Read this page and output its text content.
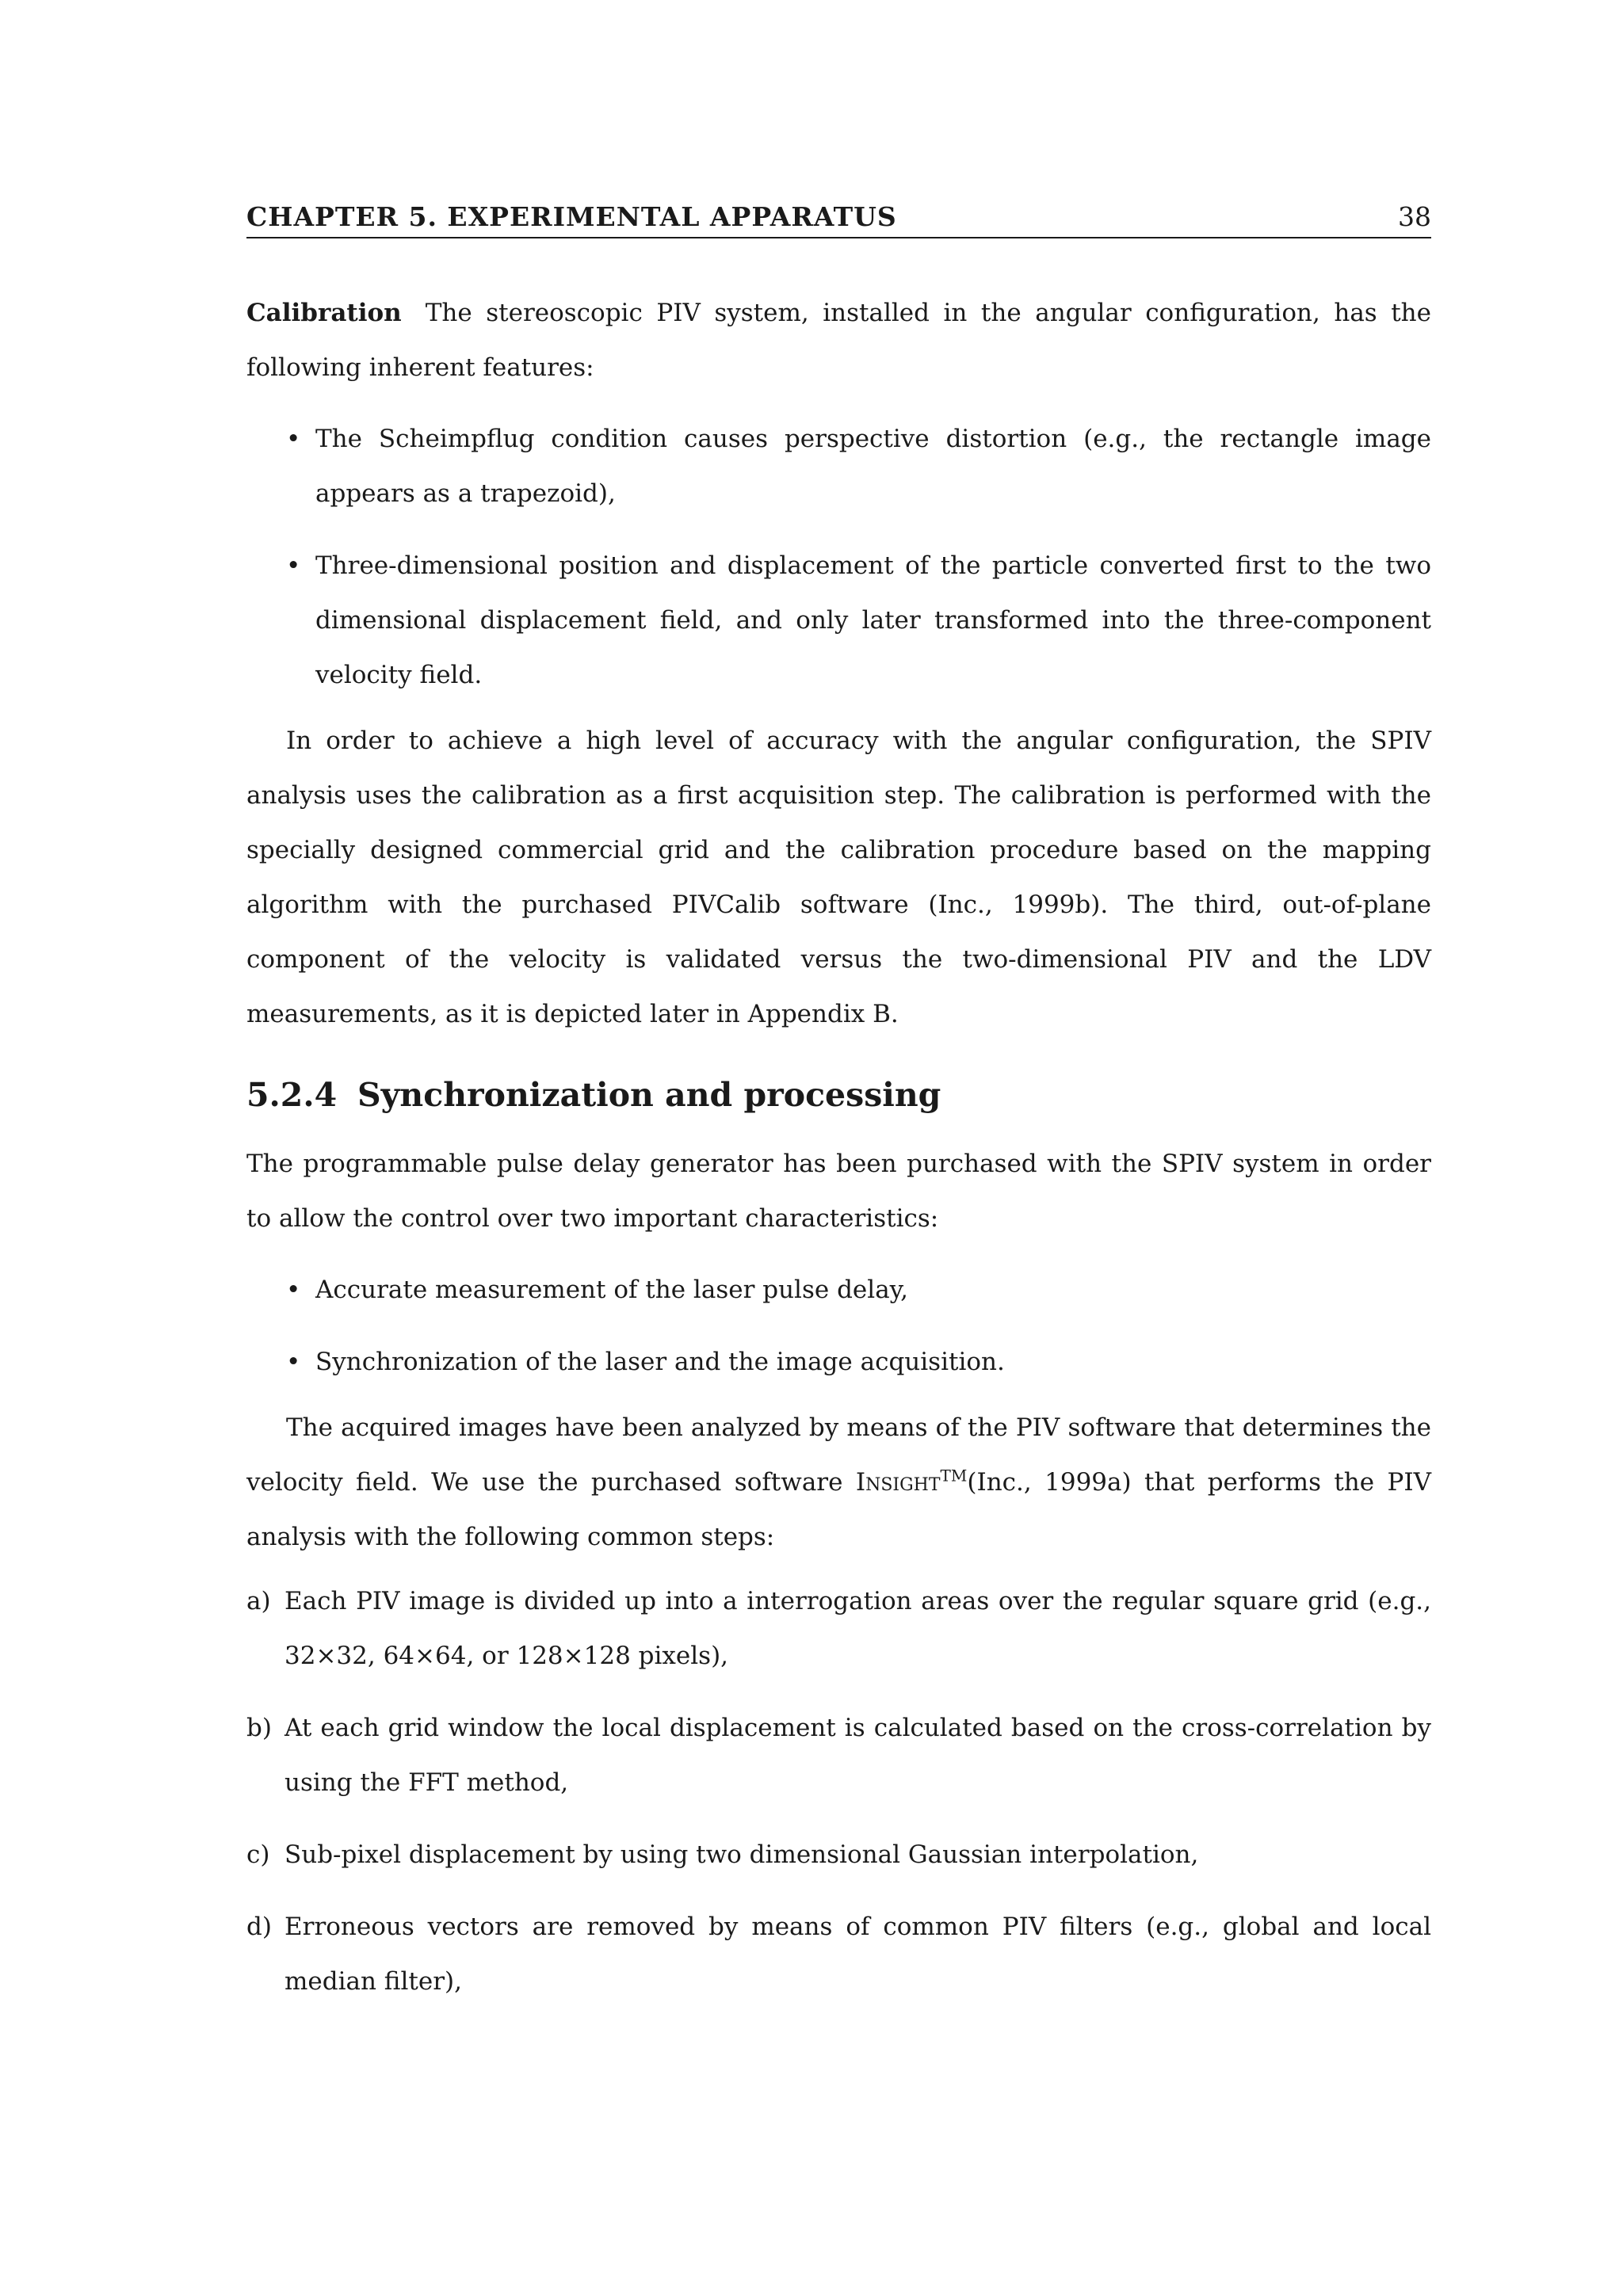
CHAPTER 5. EXPERIMENTAL APPARATUS	38

Calibration The stereoscopic PIV system, installed in the angular configuration, has the following inherent features:

• The Scheimpflug condition causes perspective distortion (e.g., the rectangle image appears as a trapezoid),
• Three-dimensional position and displacement of the particle converted first to the two dimensional displacement field, and only later transformed into the three-component velocity field.

In order to achieve a high level of accuracy with the angular configuration, the SPIV analysis uses the calibration as a first acquisition step. The calibration is performed with the specially designed commercial grid and the calibration procedure based on the mapping algorithm with the purchased PIVCalib software (Inc., 1999b). The third, out-of-plane component of the velocity is validated versus the two-dimensional PIV and the LDV measurements, as it is depicted later in Appendix B.

5.2.4 Synchronization and processing

The programmable pulse delay generator has been purchased with the SPIV system in order to allow the control over two important characteristics:

• Accurate measurement of the laser pulse delay,
• Synchronization of the laser and the image acquisition.

The acquired images have been analyzed by means of the PIV software that determines the velocity field. We use the purchased software Insight™(Inc., 1999a) that performs the PIV analysis with the following common steps:

a) Each PIV image is divided up into a interrogation areas over the regular square grid (e.g., 32×32, 64×64, or 128×128 pixels),
b) At each grid window the local displacement is calculated based on the cross-correlation by using the FFT method,
c) Sub-pixel displacement by using two dimensional Gaussian interpolation,
d) Erroneous vectors are removed by means of common PIV filters (e.g., global and local median filter),
